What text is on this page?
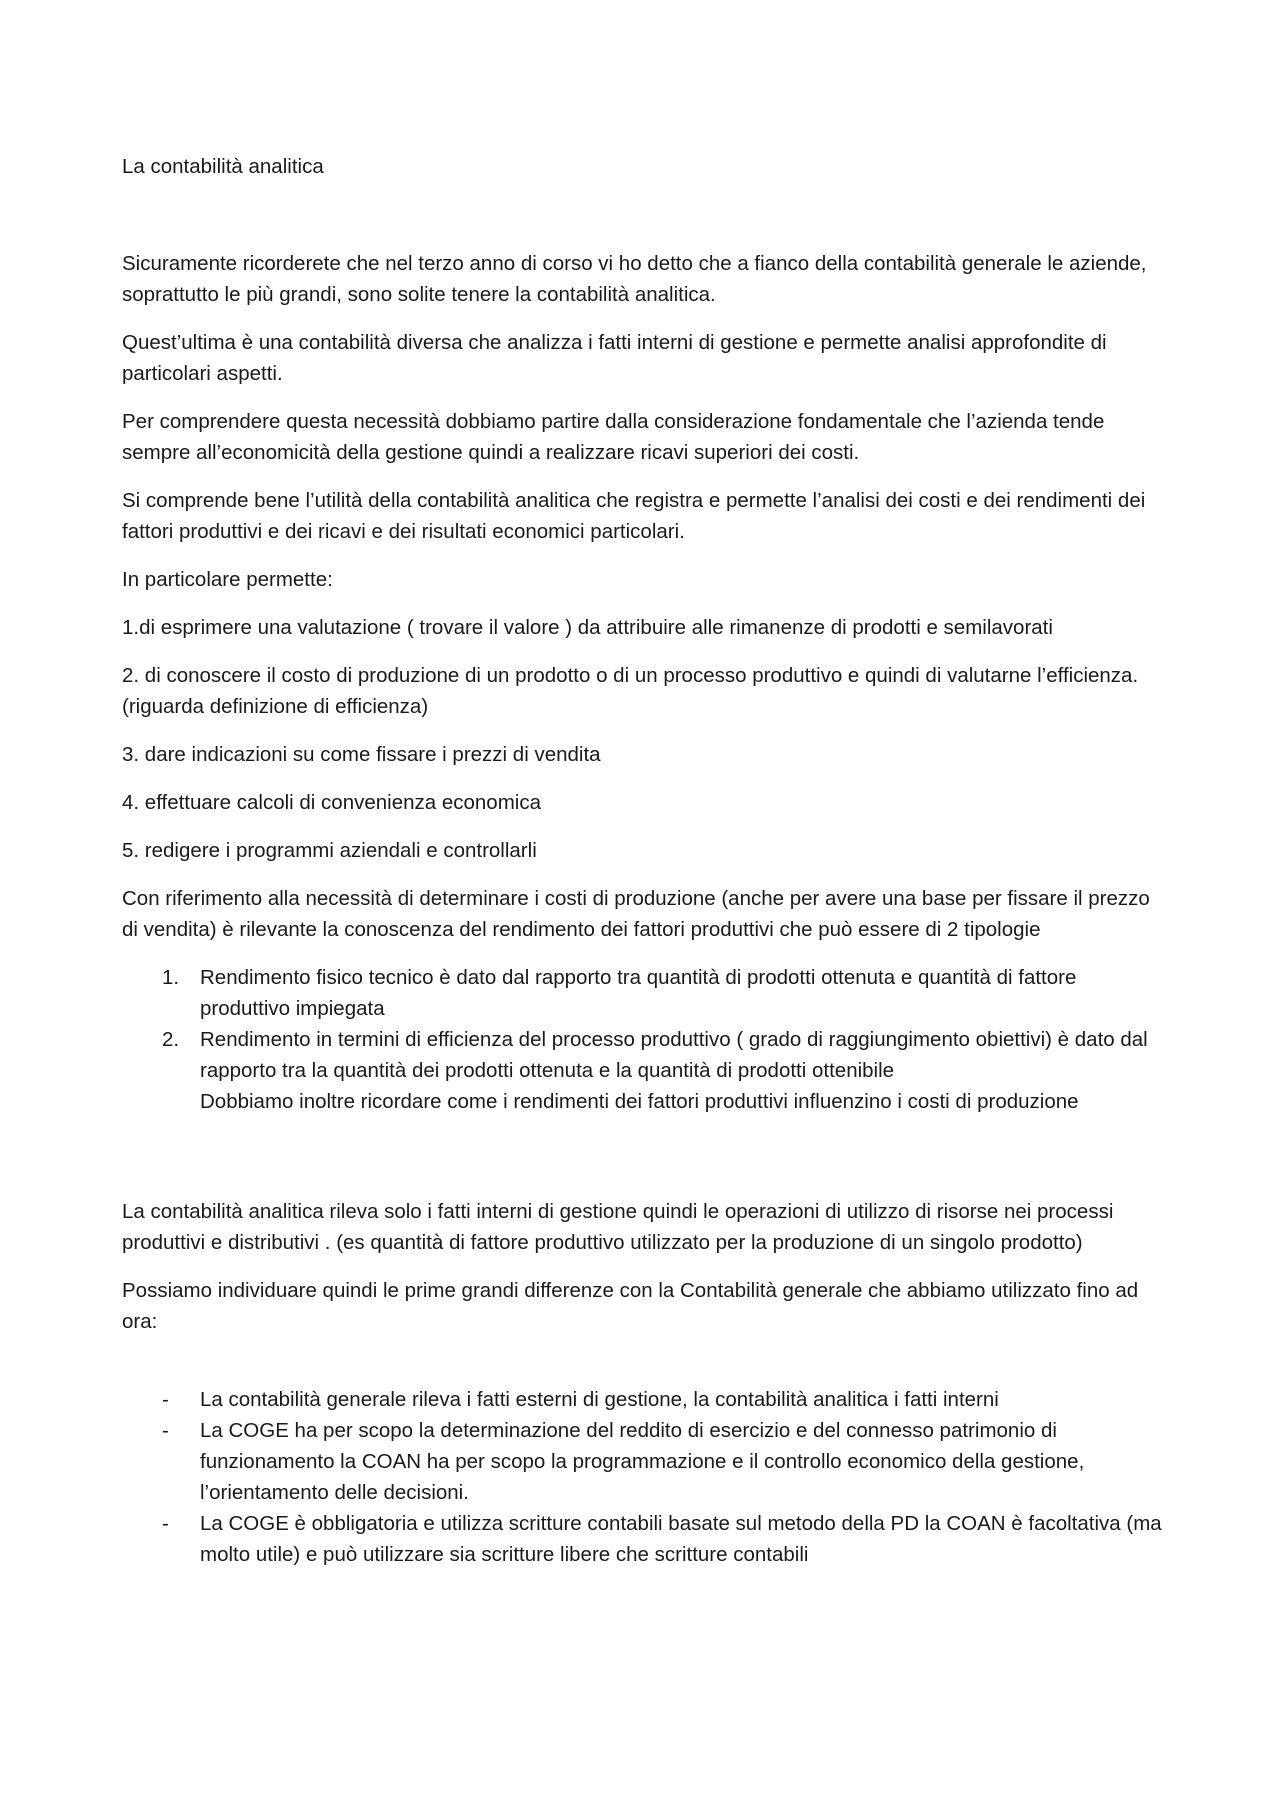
La contabilità analitica

Sicuramente ricorderete che nel terzo anno di corso vi ho detto che a fianco della contabilità generale le aziende, soprattutto le più grandi, sono solite tenere la contabilità analitica.

Quest’ultima è una contabilità diversa che analizza i fatti interni di gestione e permette analisi approfondite di particolari aspetti.

Per comprendere questa necessità dobbiamo partire dalla considerazione fondamentale che l’azienda tende sempre all’economicità della gestione quindi a realizzare ricavi superiori dei costi.

Si comprende bene l’utilità della contabilità analitica che registra e permette l’analisi dei costi e dei rendimenti dei fattori produttivi e dei ricavi e dei risultati economici particolari.

In particolare permette:

1.di esprimere una valutazione ( trovare il valore ) da attribuire alle rimanenze di prodotti e semilavorati

2. di conoscere il costo di produzione di un prodotto o di un processo produttivo e quindi di valutarne l’efficienza.(riguarda definizione di efficienza)

3. dare indicazioni su come fissare i prezzi di vendita

4. effettuare calcoli di convenienza economica

5. redigere i programmi aziendali e controllarli

Con riferimento alla necessità di determinare i costi di produzione (anche per avere una base per fissare il prezzo di vendita) è rilevante la conoscenza del rendimento dei fattori produttivi che può essere di 2 tipologie

1. Rendimento fisico tecnico è dato dal rapporto tra quantità di prodotti ottenuta e quantità di fattore produttivo impiegata
2. Rendimento in termini di efficienza del processo produttivo ( grado di raggiungimento obiettivi) è dato dal rapporto tra la quantità dei prodotti ottenuta e la quantità di prodotti ottenibile
Dobbiamo inoltre ricordare come i rendimenti dei fattori produttivi influenzino i costi di produzione

La contabilità analitica rileva solo i fatti interni di gestione quindi le operazioni di utilizzo di risorse nei processi produttivi e distributivi . (es quantità di fattore produttivo utilizzato per la produzione di un singolo prodotto)

Possiamo individuare quindi le prime grandi differenze con la Contabilità generale che abbiamo utilizzato fino ad ora:

- La contabilità generale rileva i fatti esterni di gestione, la contabilità analitica i fatti interni
- La COGE ha per scopo la determinazione del reddito di esercizio e del connesso patrimonio di funzionamento la COAN ha per scopo la programmazione e il controllo economico della gestione, l’orientamento delle decisioni.
- La COGE è obbligatoria e utilizza scritture contabili basate sul metodo della PD la COAN è facoltativa (ma molto utile) e può utilizzare sia scritture libere che scritture contabili
